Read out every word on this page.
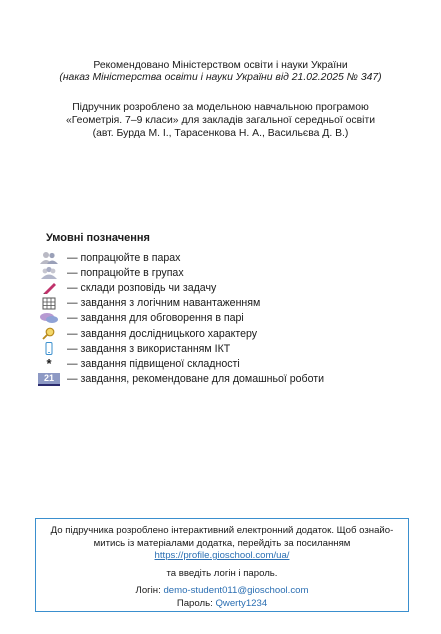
Рекомендовано Міністерством освіти і науки України
(наказ Міністерства освіти і науки України від 21.02.2025 № 347)
Підручник розроблено за модельною навчальною програмою
«Геометрія. 7–9 класи» для закладів загальної середньої освіти
(авт. Бурда М. І., Тарасенкова Н. А., Васильєва Д. В.)
Умовні позначення
— попрацюйте в парах
— попрацюйте в групах
— склади розповідь чи задачу
— завдання з логічним навантаженням
— завдання для обговорення в парі
— завдання дослідницького характеру
— завдання з використанням ІКТ
*	— завдання підвищеної складності
21	— завдання, рекомендоване для домашньої роботи
До підручника розроблено інтерактивний електронний додаток. Щоб ознайо-
митись із матеріалами додатка, перейдіть за посиланням
https://profile.gioschool.com/ua/
та введіть логін і пароль.
Логін: demo-student011@gioschool.com
Пароль: Qwerty1234
